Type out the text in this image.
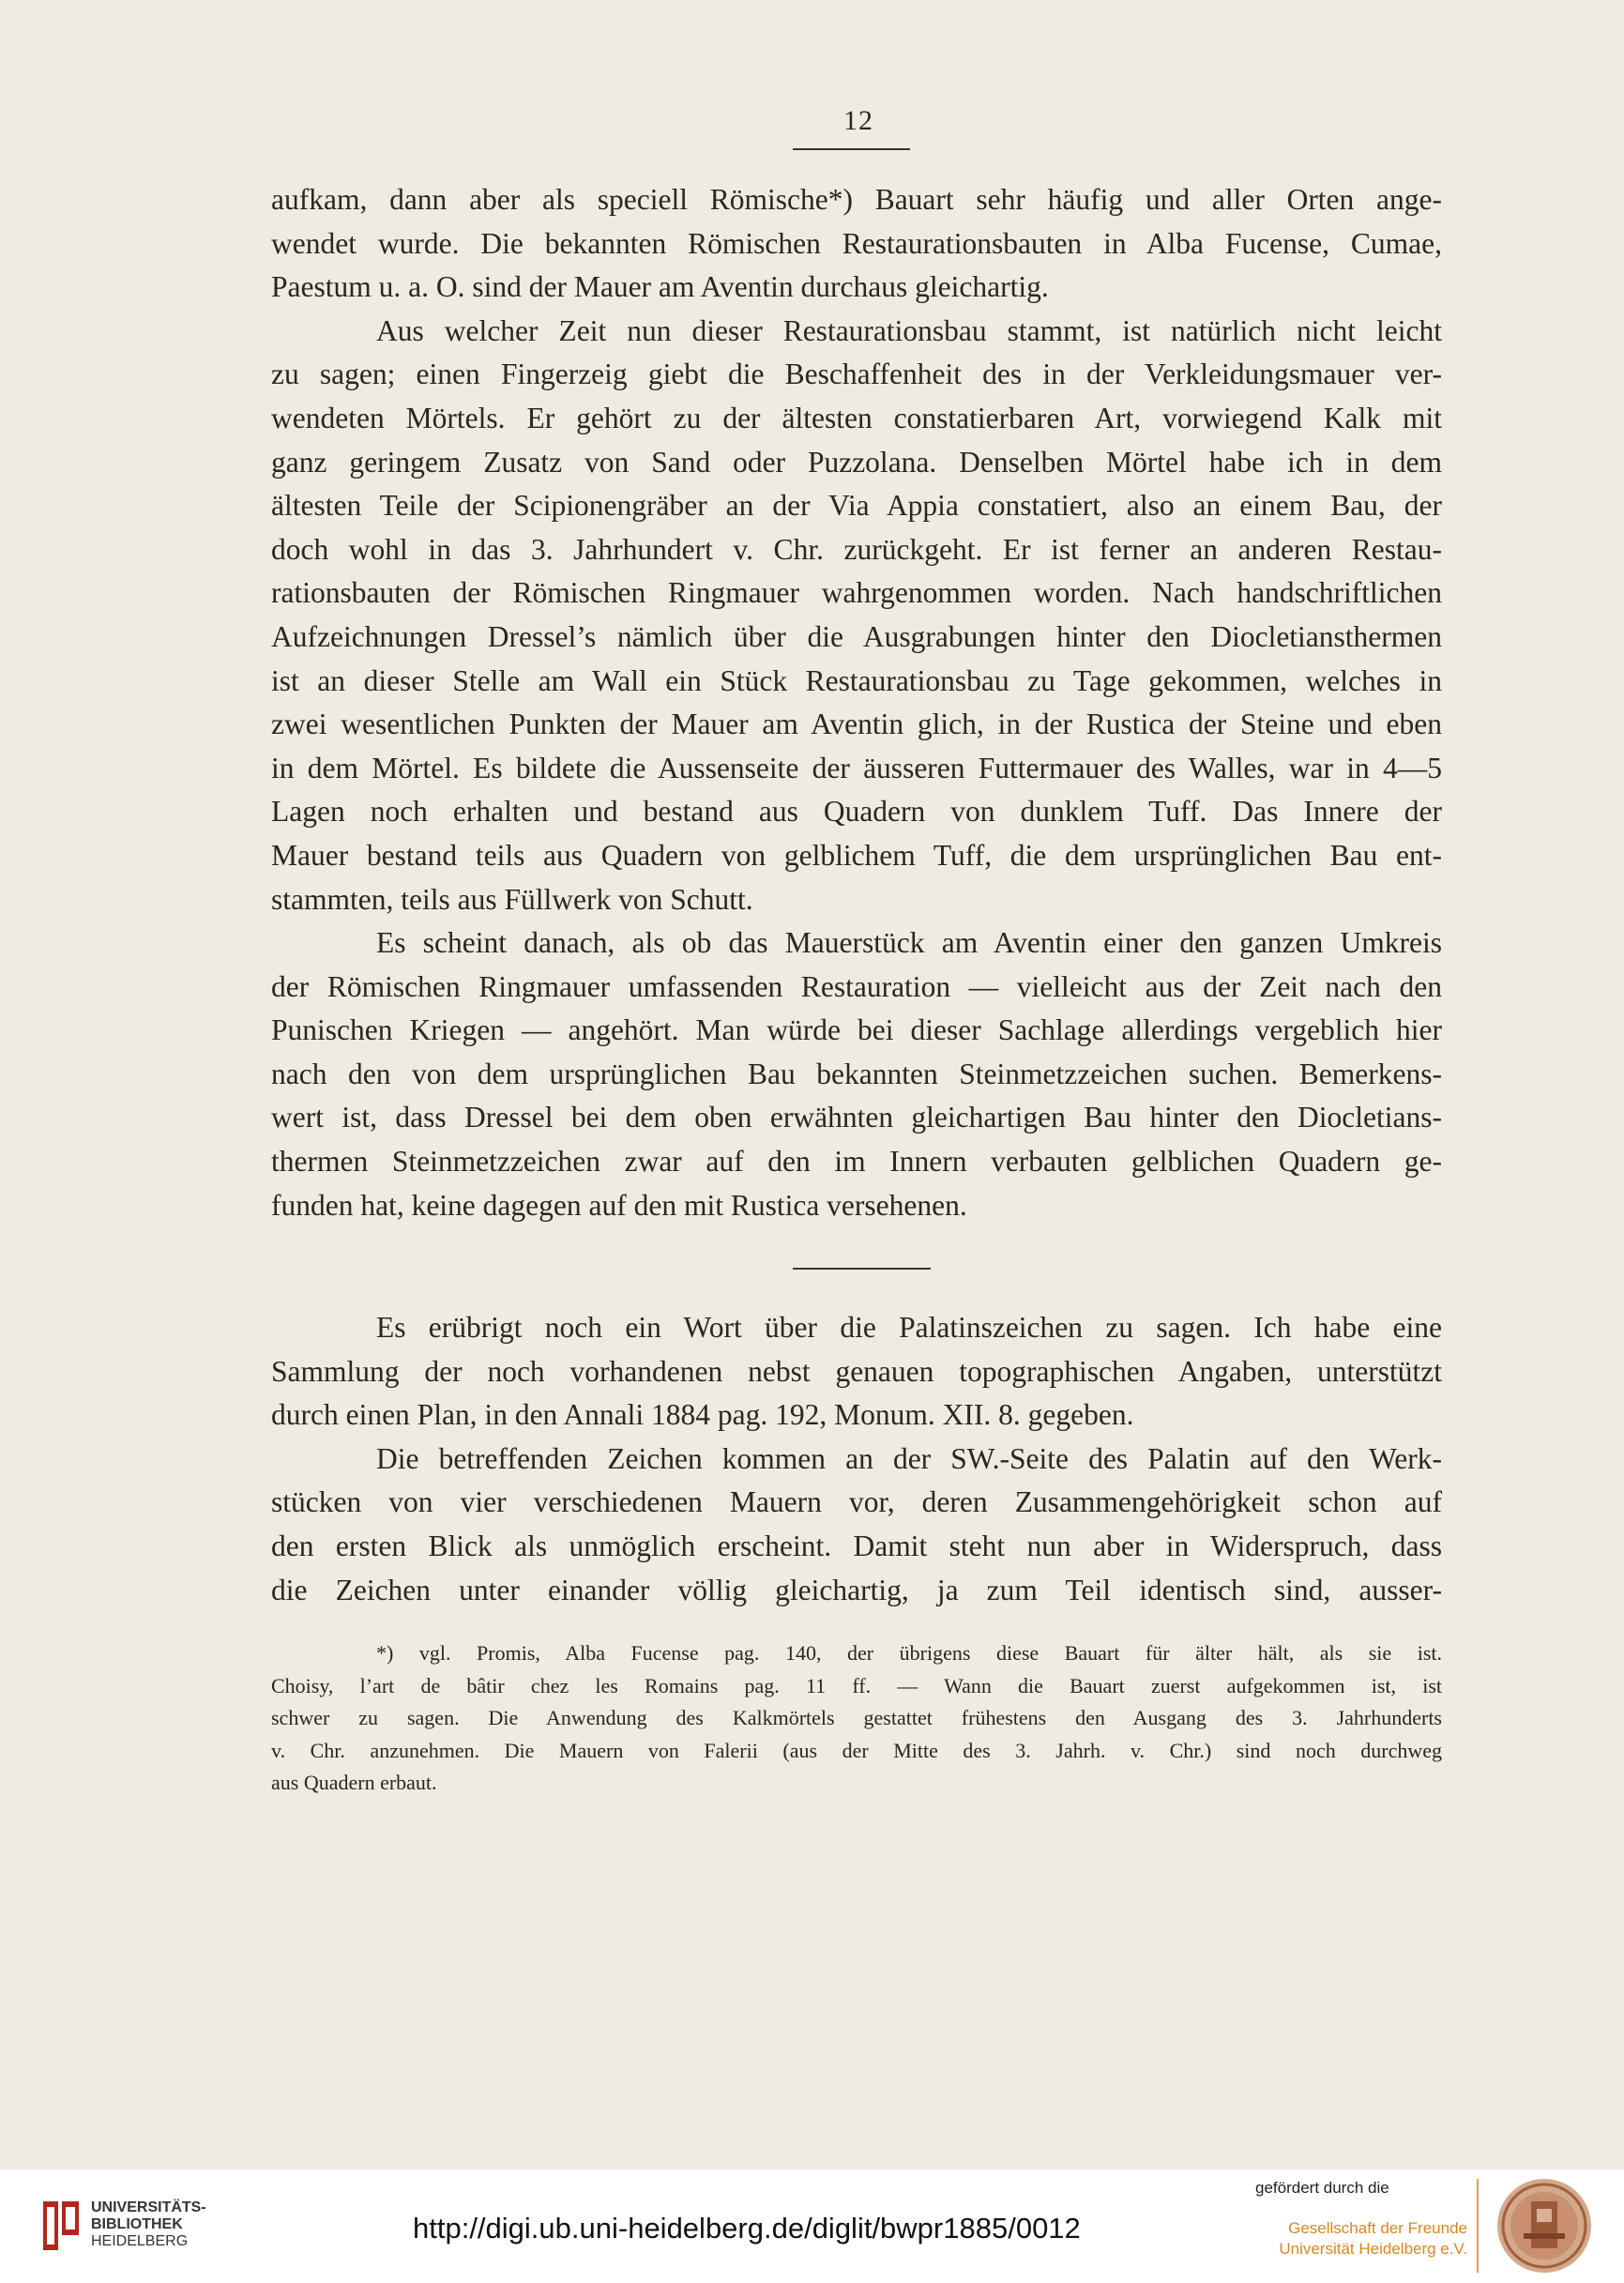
12
aufkam, dann aber als speciell Römische*) Bauart sehr häufig und aller Orten ange-
wendet wurde. Die bekannten Römischen Restaurationsbauten in Alba Fucense, Cumae,
Paestum u. a. O. sind der Mauer am Aventin durchaus gleichartig.
Aus welcher Zeit nun dieser Restaurationsbau stammt, ist natürlich nicht leicht
zu sagen; einen Fingerzeig giebt die Beschaffenheit des in der Verkleidungsmauer ver-
wendeten Mörtels. Er gehört zu der ältesten constatierbaren Art, vorwiegend Kalk mit
ganz geringem Zusatz von Sand oder Puzzolana. Denselben Mörtel habe ich in dem
ältesten Teile der Scipionengräber an der Via Appia constatiert, also an einem Bau, der
doch wohl in das 3. Jahrhundert v. Chr. zurückgeht. Er ist ferner an anderen Restau-
rationsbauten der Römischen Ringmauer wahrgenommen worden. Nach handschriftlichen
Aufzeichnungen Dressel’s nämlich über die Ausgrabungen hinter den Diocletiansthermen
ist an dieser Stelle am Wall ein Stück Restaurationsbau zu Tage gekommen, welches in
zwei wesentlichen Punkten der Mauer am Aventin glich, in der Rustica der Steine und eben
in dem Mörtel. Es bildete die Aussenseite der äusseren Futtermauer des Walles, war in 4—5
Lagen noch erhalten und bestand aus Quadern von dunklem Tuff. Das Innere der
Mauer bestand teils aus Quadern von gelblichem Tuff, die dem ursprünglichen Bau ent-
stammten, teils aus Füllwerk von Schutt.
Es scheint danach, als ob das Mauerstück am Aventin einer den ganzen Umkreis
der Römischen Ringmauer umfassenden Restauration — vielleicht aus der Zeit nach den
Punischen Kriegen — angehört. Man würde bei dieser Sachlage allerdings vergeblich hier
nach den von dem ursprünglichen Bau bekannten Steinmetzzeichen suchen. Bemerkens-
wert ist, dass Dressel bei dem oben erwähnten gleichartigen Bau hinter den Diocletians-
thermen Steinmetzzeichen zwar auf den im Innern verbauten gelblichen Quadern ge-
funden hat, keine dagegen auf den mit Rustica versehenen.
Es erübrigt noch ein Wort über die Palatinszeichen zu sagen. Ich habe eine
Sammlung der noch vorhandenen nebst genauen topographischen Angaben, unterstützt
durch einen Plan, in den Annali 1884 pag. 192, Monum. XII. 8. gegeben.
Die betreffenden Zeichen kommen an der SW.-Seite des Palatin auf den Werk-
stücken von vier verschiedenen Mauern vor, deren Zusammengehörigkeit schon auf
den ersten Blick als unmöglich erscheint. Damit steht nun aber in Widerspruch, dass
die Zeichen unter einander völlig gleichartig, ja zum Teil identisch sind, ausser-
*) vgl. Promis, Alba Fucense pag. 140, der übrigens diese Bauart für älter hält, als sie ist.
Choisy, l’art de bâtir chez les Romains pag. 11 ff. — Wann die Bauart zuerst aufgekommen ist, ist
schwer zu sagen. Die Anwendung des Kalkmörtels gestattet frühestens den Ausgang des 3. Jahrhunderts
v. Chr. anzunehmen. Die Mauern von Falerii (aus der Mitte des 3. Jahrh. v. Chr.) sind noch durchweg
aus Quadern erbaut.
UNIVERSITÄTS-
BIBLIOTHEK
HEIDELBERG	http://digi.ub.uni-heidelberg.de/diglit/bwpr1885/0012
gefördert durch die
Gesellschaft der Freunde
Universität Heidelberg e.V.
